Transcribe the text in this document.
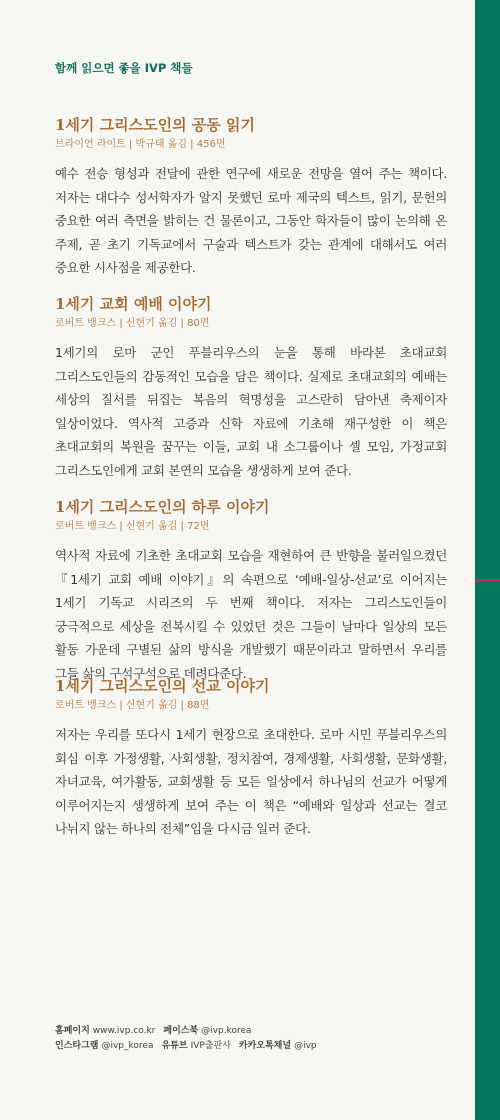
함께 읽으면 좋을 IVP 책들
1세기 그리스도인의 공동 읽기
브라이언 라이트 | 박규태 옮김 | 456면
예수 전승 형성과 전달에 관한 연구에 새로운 전망을 열어 주는 책이다. 저자는 대다수 성서학자가 알지 못했던 로마 제국의 텍스트, 읽기, 문헌의 중요한 여러 측면을 밝히는 건 물론이고, 그동안 학자들이 많이 논의해 온 주제, 곧 초기 기독교에서 구술과 텍스트가 갖는 관계에 대해서도 여러 중요한 시사점을 제공한다.
1세기 교회 예배 이야기
로버트 뱅크스 | 신현기 옮김 | 80면
1세기의 로마 군인 푸블리우스의 눈을 통해 바라본 초대교회 그리스도인들의 감동적인 모습을 담은 책이다. 실제로 초대교회의 예배는 세상의 질서를 뒤집는 복음의 혁명성을 고스란히 담아낸 축제이자 일상이었다. 역사적 고증과 신학 자료에 기초해 재구성한 이 책은 초대교회의 복원을 꿈꾸는 이들, 교회 내 소그룹이나 셀 모임, 가정교회 그리스도인에게 교회 본연의 모습을 생생하게 보여 준다.
1세기 그리스도인의 하루 이야기
로버트 뱅크스 | 신현기 옮김 | 72면
역사적 자료에 기초한 초대교회 모습을 재현하여 큰 반향을 불러일으켰던 『1세기 교회 예배 이야기』의 속편으로 ‘예배-일상-선교’로 이어지는 1세기 기독교 시리즈의 두 번째 책이다. 저자는 그리스도인들이 궁극적으로 세상을 전복시킬 수 있었던 것은 그들이 날마다 일상의 모든 활동 가운데 구별된 삶의 방식을 개발했기 때문이라고 말하면서 우리를 그들 삶의 구석구석으로 데려다준다.
1세기 그리스도인의 선교 이야기
로버트 뱅크스 | 신현기 옮김 | 88면
저자는 우리를 또다시 1세기 현장으로 초대한다. 로마 시민 푸블리우스의 회심 이후 가정생활, 사회생활, 정치참여, 경제생활, 사회생활, 문화생활, 자녀교육, 여가활동, 교회생활 등 모든 일상에서 하나님의 선교가 어떻게 이루어지는지 생생하게 보여 주는 이 책은 “예배와 일상과 선교는 결코 나뉘지 않는 하나의 전체”임을 다시금 일러 준다.
홈페이지 www.ivp.co.kr 페이스북 @ivp.korea
인스타그램 @ivp_korea 유튜브 IVP출판사 카카오톡채널 @ivp
